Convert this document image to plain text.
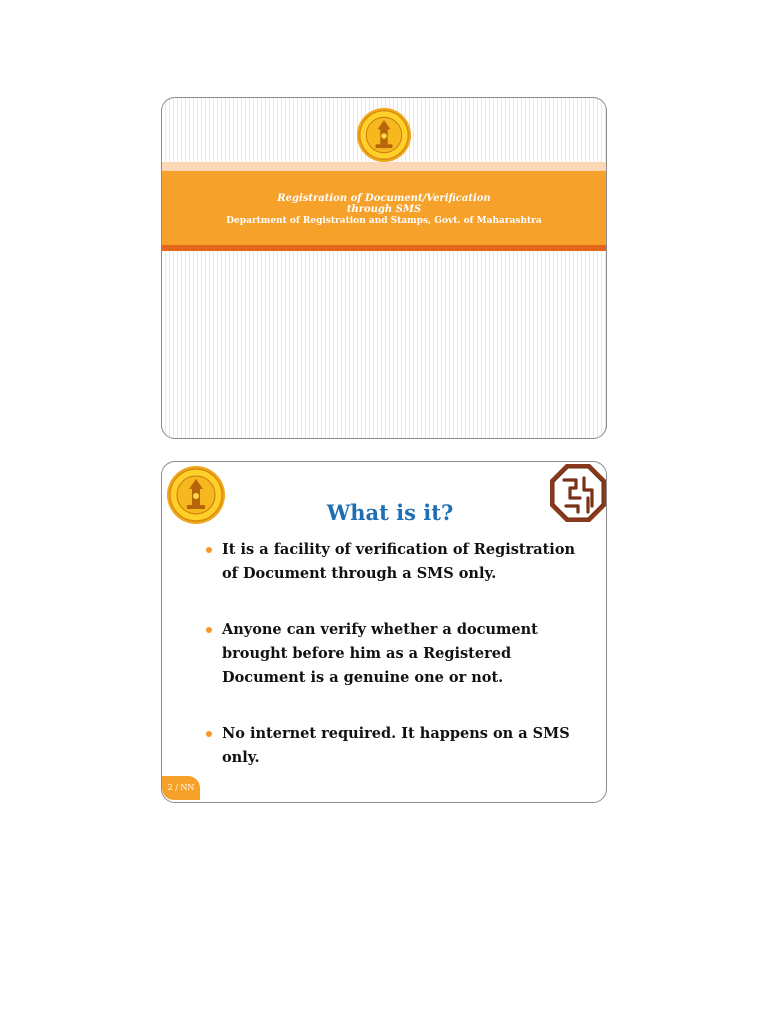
Registration of Document/Verification
through SMS
Department of Registration and Stamps, Govt. of Maharashtra
What is it?
It is a facility of verification of Registration of Document through a SMS only.
Anyone can verify whether a document brought before him as a Registered Document is a genuine one or not.
No internet required. It happens on a SMS only.
2 / NN
